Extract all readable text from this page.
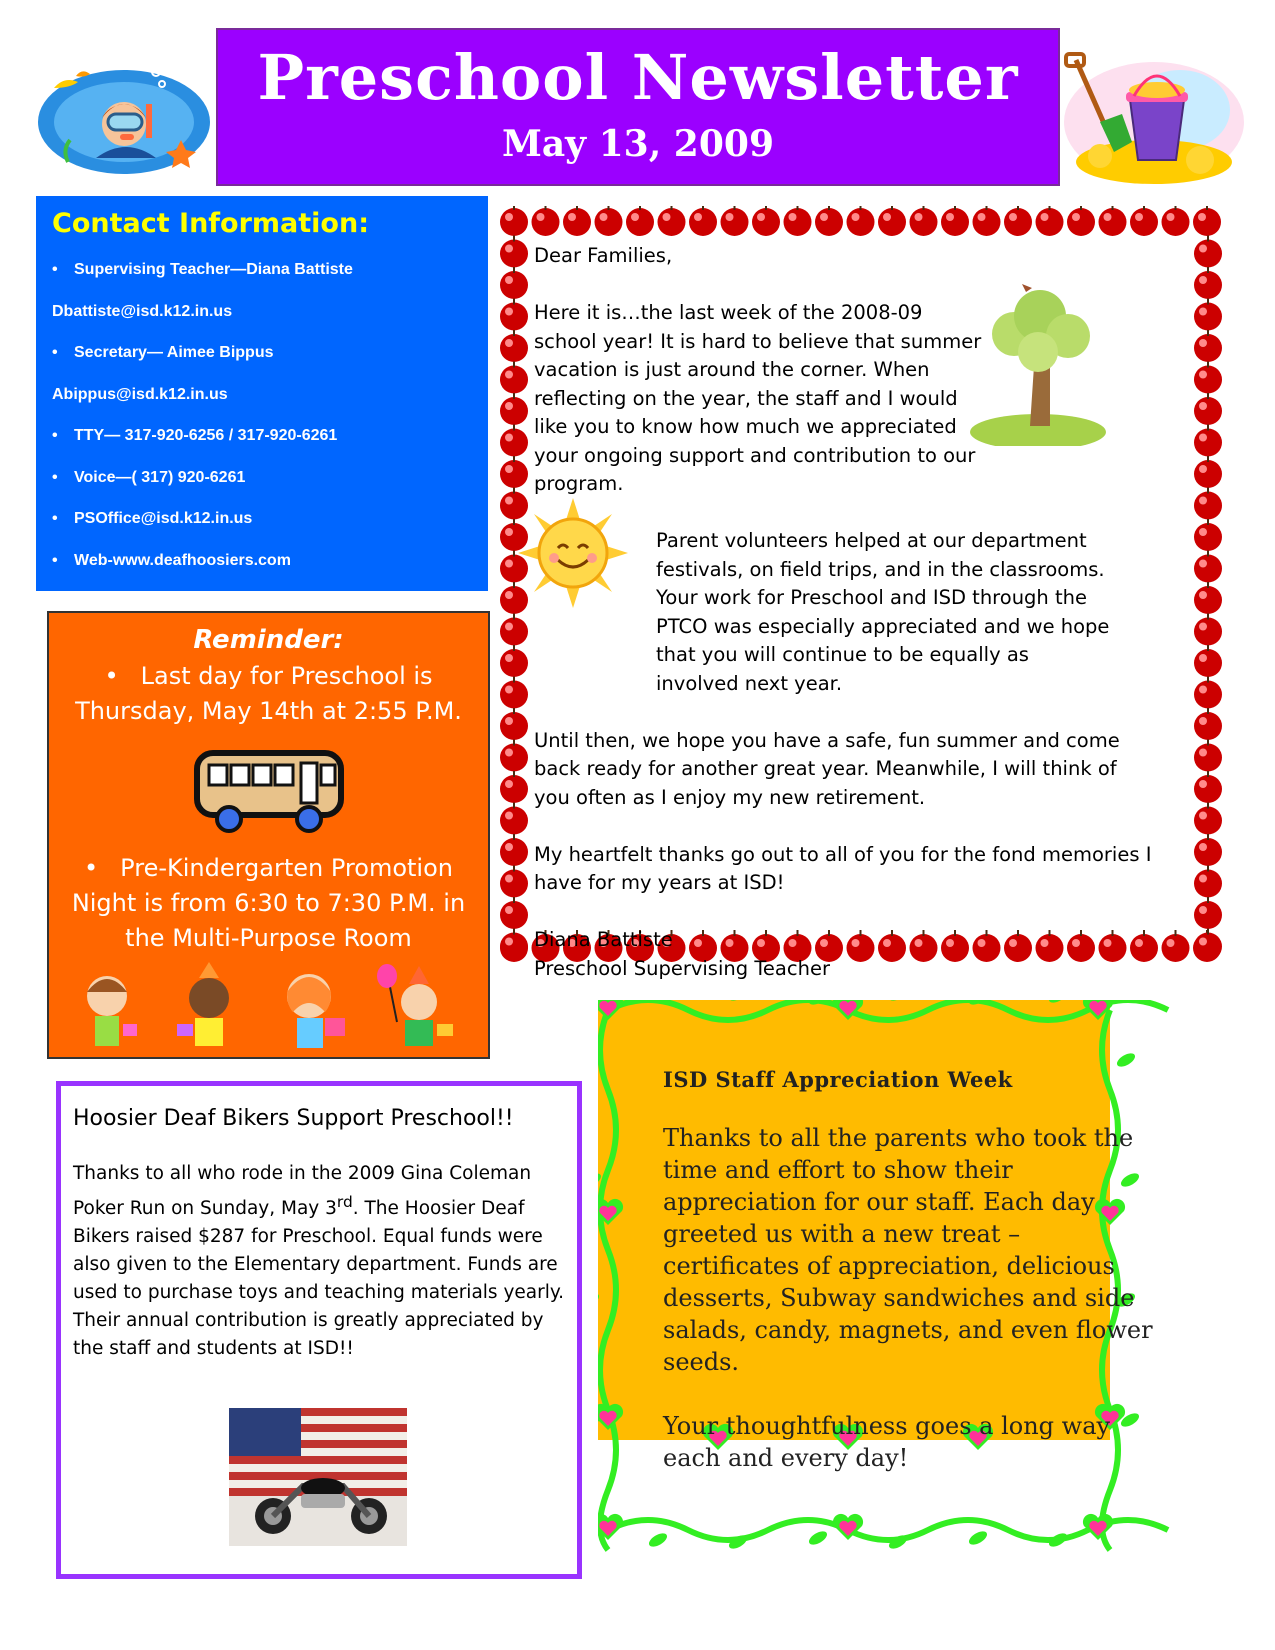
Preschool Newsletter
May 13, 2009
Contact Information:
• Supervising Teacher—Diana Battiste
Dbattiste@isd.k12.in.us
• Secretary— Aimee Bippus
Abippus@isd.k12.in.us
• TTY— 317-920-6256 / 317-920-6261
• Voice—( 317) 920-6261
• PSOffice@isd.k12.in.us
• Web-www.deafhoosiers.com
Reminder:
• Last day for Preschool is Thursday, May 14th at 2:55 P.M.
• Pre-Kindergarten Promotion Night is from 6:30 to 7:30 P.M. in the Multi-Purpose Room

Dear Families,

Here it is…the last week of the 2008-09 school year! It is hard to believe that summer vacation is just around the corner. When reflecting on the year, the staff and I would like you to know how much we appreciated your ongoing support and contribution to our program.

Parent volunteers helped at our department festivals, on field trips, and in the classrooms. Your work for Preschool and ISD through the PTCO was especially appreciated and we hope that you will continue to be equally as involved next year.

Until then, we hope you have a safe, fun summer and come back ready for another great year. Meanwhile, I will think of you often as I enjoy my new retirement.

My heartfelt thanks go out to all of you for the fond memories I have for my years at ISD!

Diana Battiste
Preschool Supervising Teacher
Hoosier Deaf Bikers Support Preschool!!
Thanks to all who rode in the 2009 Gina Coleman Poker Run on Sunday, May 3rd. The Hoosier Deaf Bikers raised $287 for Preschool. Equal funds were also given to the Elementary department. Funds are used to purchase toys and teaching materials yearly. Their annual contribution is greatly appreciated by the staff and students at ISD!!
ISD Staff Appreciation Week

Thanks to all the parents who took the time and effort to show their appreciation for our staff. Each day greeted us with a new treat – certificates of appreciation, delicious desserts, Subway sandwiches and side salads, candy, magnets, and even flower seeds.

Your thoughtfulness goes a long way each and every day!
